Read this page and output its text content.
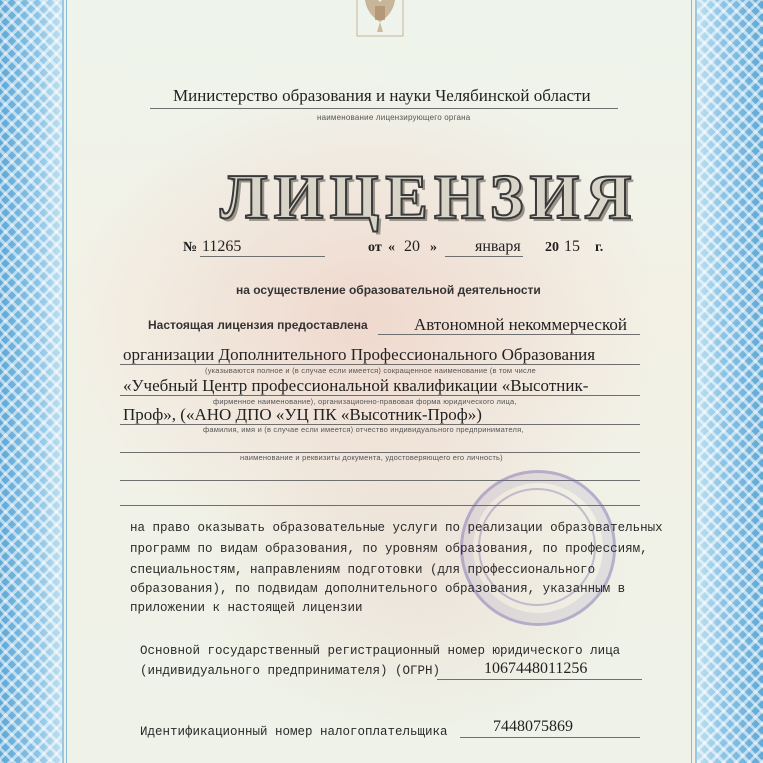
Министерство образования и науки Челябинской области
наименование лицензирующего органа
ЛИЦЕНЗИЯ
№ 11265	от « 20 » января 20 15 г.
на осуществление образовательной деятельности
Настоящая лицензия предоставлена	Автономной некоммерческой
организации Дополнительного Профессионального Образования
(указываются полное и (в случае если имеется) сокращенное наименование (в том числе
«Учебный Центр профессиональной квалификации «Высотник-
фирменное наименование), организационно-правовая форма юридического лица,
Проф», («АНО ДПО «УЦ ПК «Высотник-Проф»)
фамилия, имя и (в случае если имеется) отчество индивидуального предпринимателя,
наименование и реквизиты документа, удостоверяющего его личность)
на право оказывать образовательные услуги по реализации образовательных
программ по видам образования, по уровням образования, по профессиям,
специальностям, направлениям подготовки (для профессионального
образования), по подвидам дополнительного образования, указанным в
приложении к настоящей лицензии
Основной государственный регистрационный номер юридического лица
(индивидуального предпринимателя) (ОГРН)	1067448011256
Идентификационный номер налогоплательщика	7448075869
